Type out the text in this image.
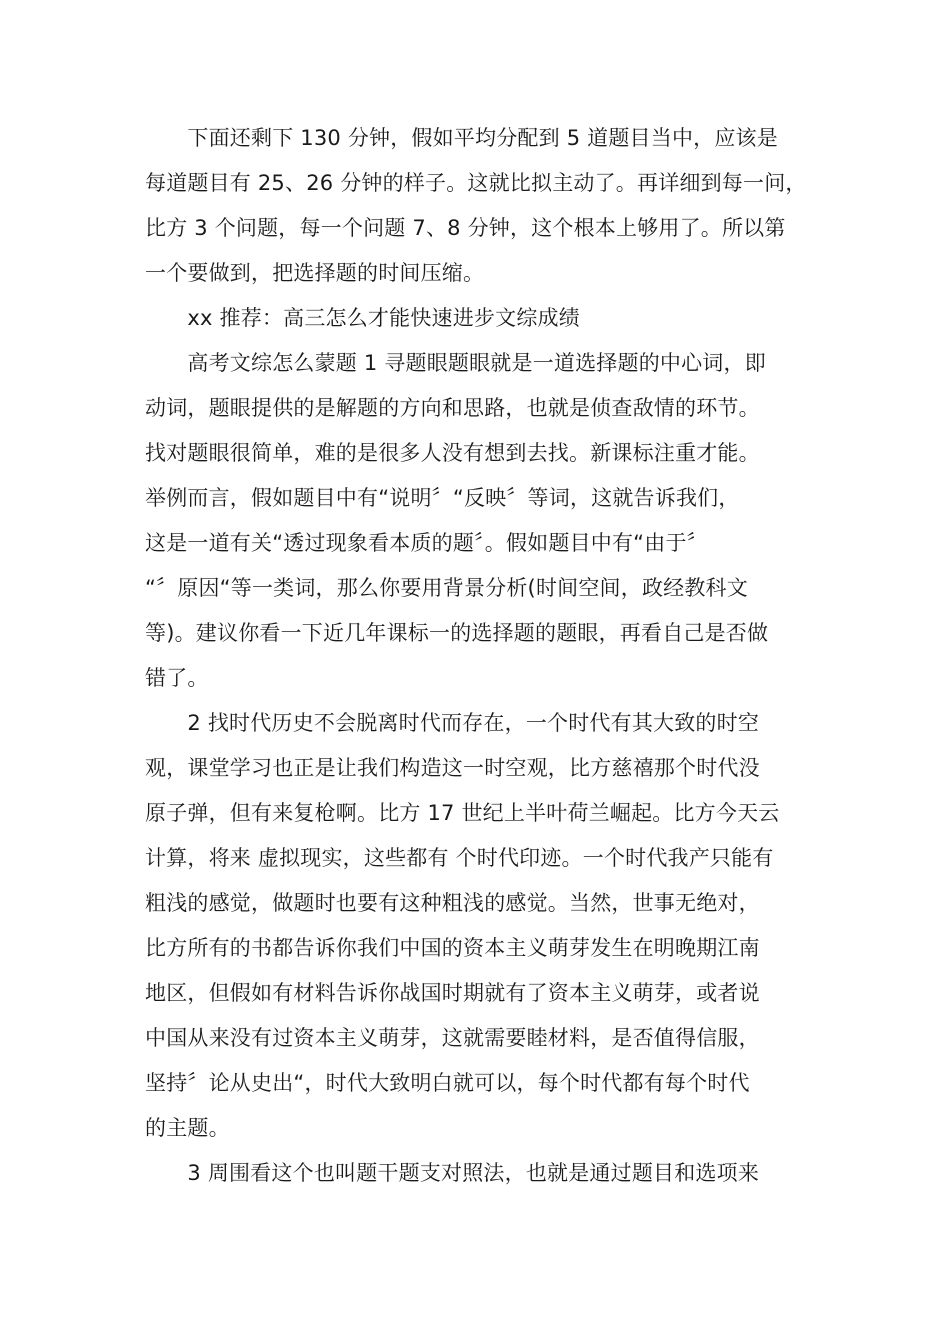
　　下面还剩下 130 分钟，假如平均分配到 5 道题目当中，应该是
每道题目有 25、26 分钟的样子。这就比拟主动了。再详细到每一问，
比方 3 个问题，每一个问题 7、8 分钟，这个根本上够用了。所以第
一个要做到，把选择题的时间压缩。
　　xx 推荐：高三怎么才能快速进步文综成绩
　　高考文综怎么蒙题 1 寻题眼题眼就是一道选择题的中心词，即
动词，题眼提供的是解题的方向和思路，也就是侦查敌情的环节。
找对题眼很简单，难的是很多人没有想到去找。新课标注重才能。
举例而言，假如题目中有“说明〞“反映〞等词，这就告诉我们，
这是一道有关“透过现象看本质的题〞。假如题目中有“由于〞
“〞原因“等一类词，那么你要用背景分析(时间空间，政经教科文
等)。建议你看一下近几年课标一的选择题的题眼，再看自己是否做
错了。
　　2 找时代历史不会脱离时代而存在，一个时代有其大致的时空
观，课堂学习也正是让我们构造这一时空观，比方慈禧那个时代没
原子弹，但有来复枪啊。比方 17 世纪上半叶荷兰崛起。比方今天云
计算，将来 虚拟现实，这些都有 个时代印迹。一个时代我产只能有
粗浅的感觉，做题时也要有这种粗浅的感觉。当然，世事无绝对，
比方所有的书都告诉你我们中国的资本主义萌芽发生在明晚期江南
地区，但假如有材料告诉你战国时期就有了资本主义萌芽，或者说
中国从来没有过资本主义萌芽，这就需要睦材料，是否值得信服，
坚持〞论从史出“，时代大致明白就可以，每个时代都有每个时代
的主题。
　　3 周围看这个也叫题干题支对照法，也就是通过题目和选项来
